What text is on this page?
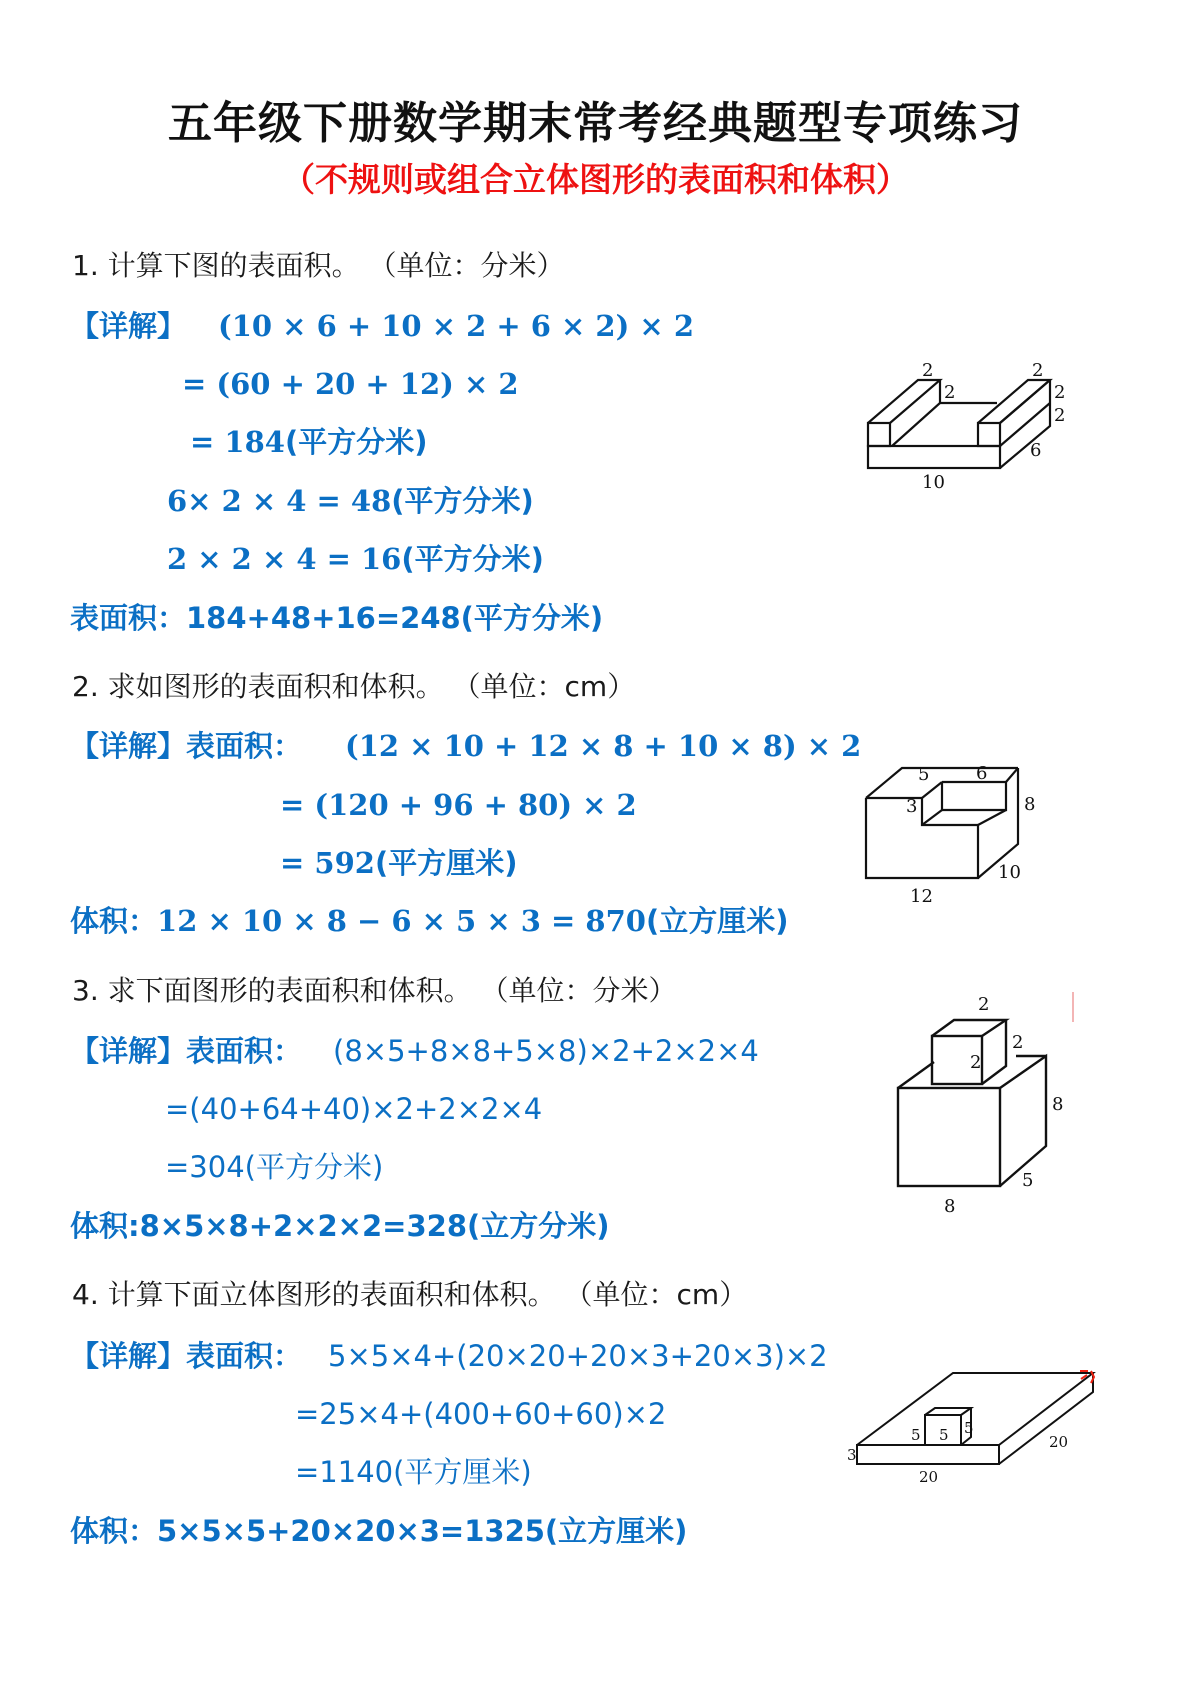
五年级下册数学期末常考经典题型专项练习
（不规则或组合立体图形的表面积和体积）
1. 计算下图的表面积。 （单位：分米）
【详解】 (10 × 6 + 10 × 2 + 6 × 2) × 2
= (60 + 20 + 12) × 2
= 184(平方分米)
6× 2 × 4 = 48(平方分米)
2 × 2 × 4 = 16(平方分米)
表面积：184+48+16=248(平方分米)
2
2
2
2
2
6
10
2. 求如图形的表面积和体积。 （单位：cm）
【详解】表面积： (12 × 10 + 12 × 8 + 10 × 8) × 2
= (120 + 96 + 80) × 2
= 592(平方厘米)
体积：12 × 10 × 8 − 6 × 5 × 3 = 870(立方厘米)
5	6
3	8
10
12
3. 求下面图形的表面积和体积。 （单位：分米）
【详解】表面积： (8×5+8×8+5×8)×2+2×2×4
=(40+64+40)×2+2×2×4
=304(平方分米)
体积:8×5×8+2×2×2=328(立方分米)
2
2
2
8
5
8
4. 计算下面立体图形的表面积和体积。 （单位：cm）
【详解】表面积： 5×5×4+(20×20+20×3+20×3)×2
=25×4+(400+60+60)×2
=1140(平方厘米)
体积：5×5×5+20×20×3=1325(立方厘米)
5 5 5
3
20
20
